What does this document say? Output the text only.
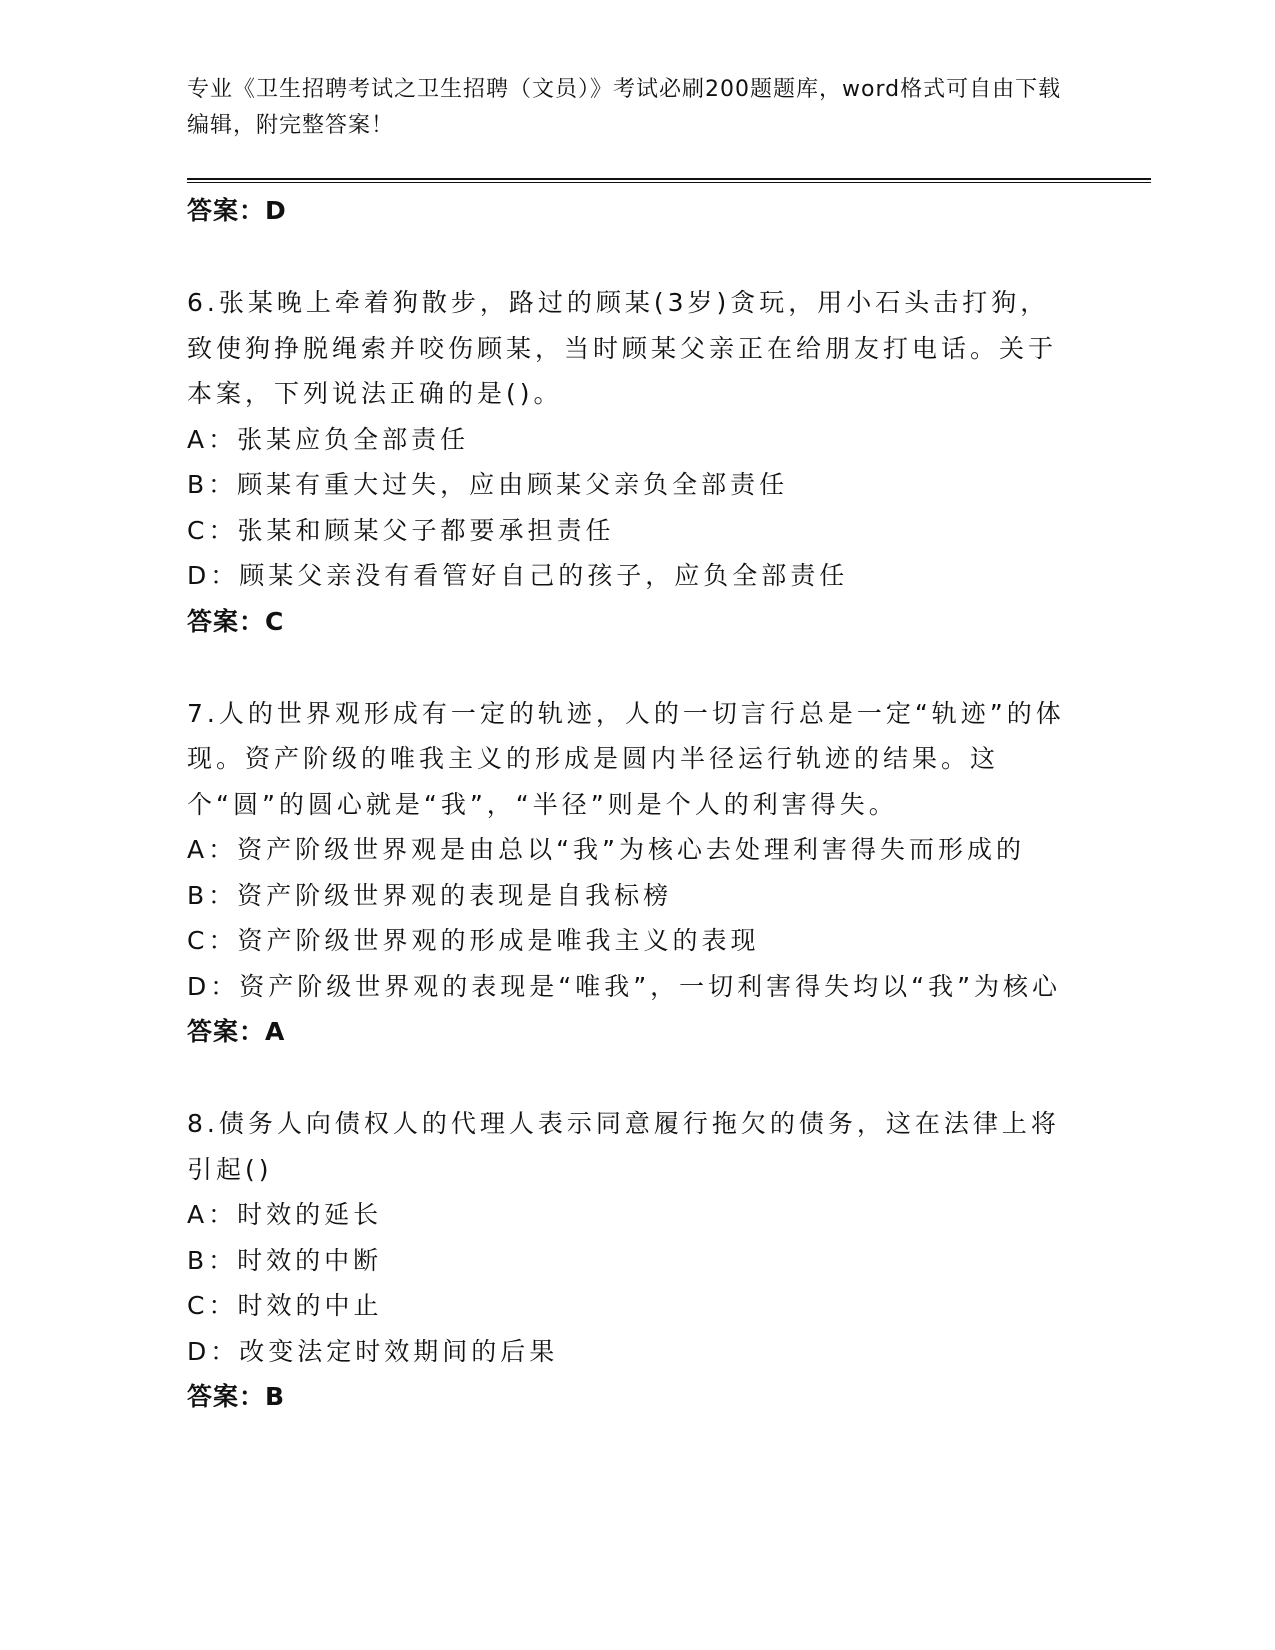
专业《卫生招聘考试之卫生招聘（文员）》考试必刷200题题库，word格式可自由下载编辑，附完整答案！
答案：D
6.张某晚上牵着狗散步，路过的顾某(3岁)贪玩，用小石头击打狗，致使狗挣脱绳索并咬伤顾某，当时顾某父亲正在给朋友打电话。关于本案，下列说法正确的是()。
A：张某应负全部责任
B：顾某有重大过失，应由顾某父亲负全部责任
C：张某和顾某父子都要承担责任
D：顾某父亲没有看管好自己的孩子，应负全部责任
答案：C
7.人的世界观形成有一定的轨迹，人的一切言行总是一定“轨迹”的体现。资产阶级的唯我主义的形成是圆内半径运行轨迹的结果。这个“圆”的圆心就是“我”，“半径”则是个人的利害得失。
A：资产阶级世界观是由总以“我”为核心去处理利害得失而形成的
B：资产阶级世界观的表现是自我标榜
C：资产阶级世界观的形成是唯我主义的表现
D：资产阶级世界观的表现是“唯我”，一切利害得失均以“我”为核心
答案：A
8.债务人向债权人的代理人表示同意履行拖欠的债务，这在法律上将引起()
A：时效的延长
B：时效的中断
C：时效的中止
D：改变法定时效期间的后果
答案：B
